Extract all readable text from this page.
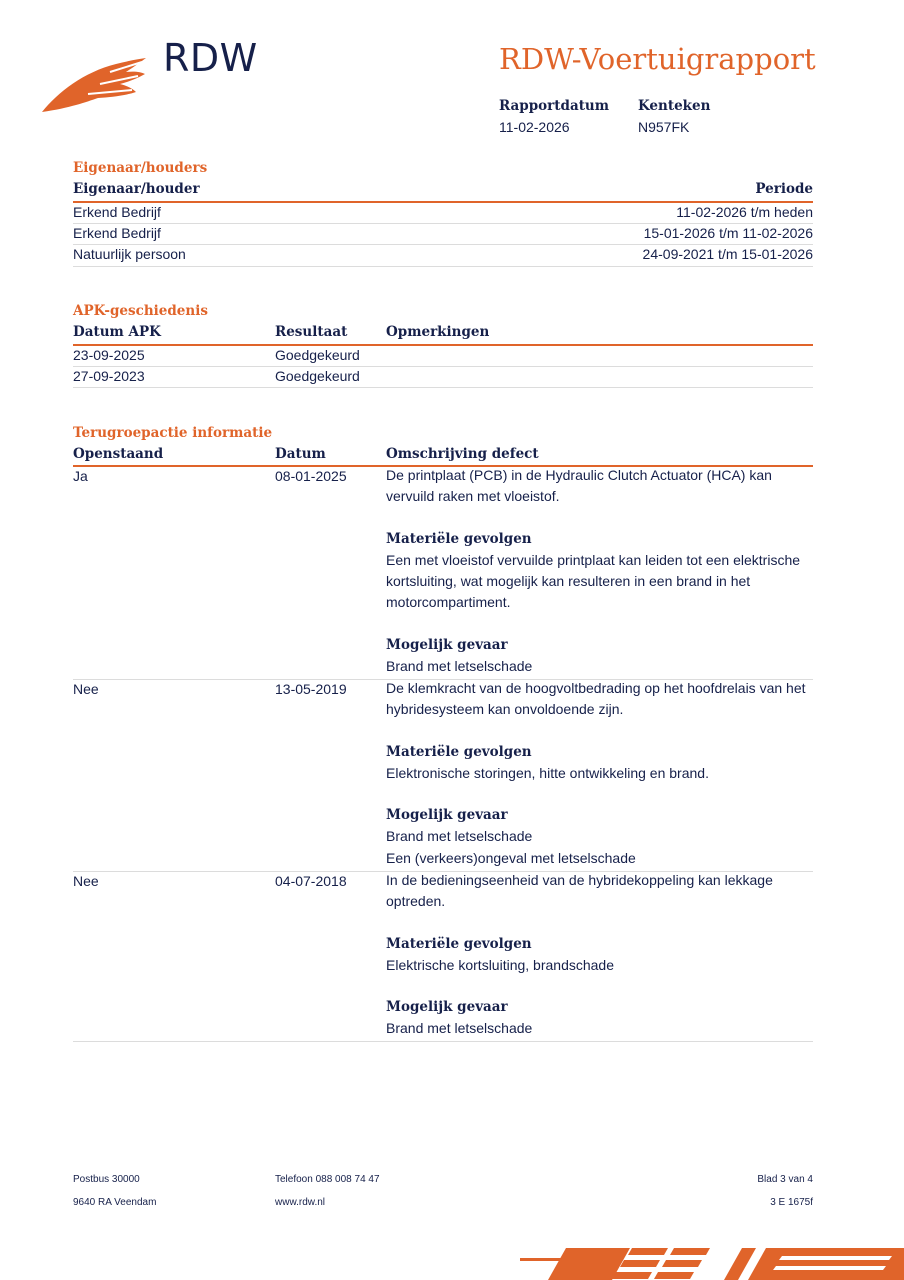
RDW	RDW-Voertuigrapport
Rapportdatum
11-02-2026
Kenteken
N957FK
Eigenaar/houders
Eigenaar/houder	Periode
Erkend Bedrijf	11-02-2026 t/m heden
Erkend Bedrijf	15-01-2026 t/m 11-02-2026
Natuurlijk persoon	24-09-2021 t/m 15-01-2026
APK-geschiedenis
Datum APK	Resultaat	Opmerkingen
23-09-2025	Goedgekeurd
27-09-2023	Goedgekeurd
Terugroepactie informatie
Openstaand	Datum	Omschrijving defect
Ja	08-01-2025	De printplaat (PCB) in de Hydraulic Clutch Actuator (HCA) kan
vervuild raken met vloeistof.
Materiële gevolgen
Een met vloeistof vervuilde printplaat kan leiden tot een elektrische
kortsluiting, wat mogelijk kan resulteren in een brand in het
motorcompartiment.
Mogelijk gevaar
Brand met letselschade
Nee	13-05-2019	De klemkracht van de hoogvoltbedrading op het hoofdrelais van het
hybridesysteem kan onvoldoende zijn.
Materiële gevolgen
Elektronische storingen, hitte ontwikkeling en brand.
Mogelijk gevaar
Brand met letselschade
Een (verkeers)ongeval met letselschade
Nee	04-07-2018	In de bedieningseenheid van de hybridekoppeling kan lekkage
optreden.
Materiële gevolgen
Elektrische kortsluiting, brandschade
Mogelijk gevaar
Brand met letselschade
Postbus 30000
9640 RA Veendam
Telefoon 088 008 74 47
www.rdw.nl
Blad 3 van 4
3 E 1675f
